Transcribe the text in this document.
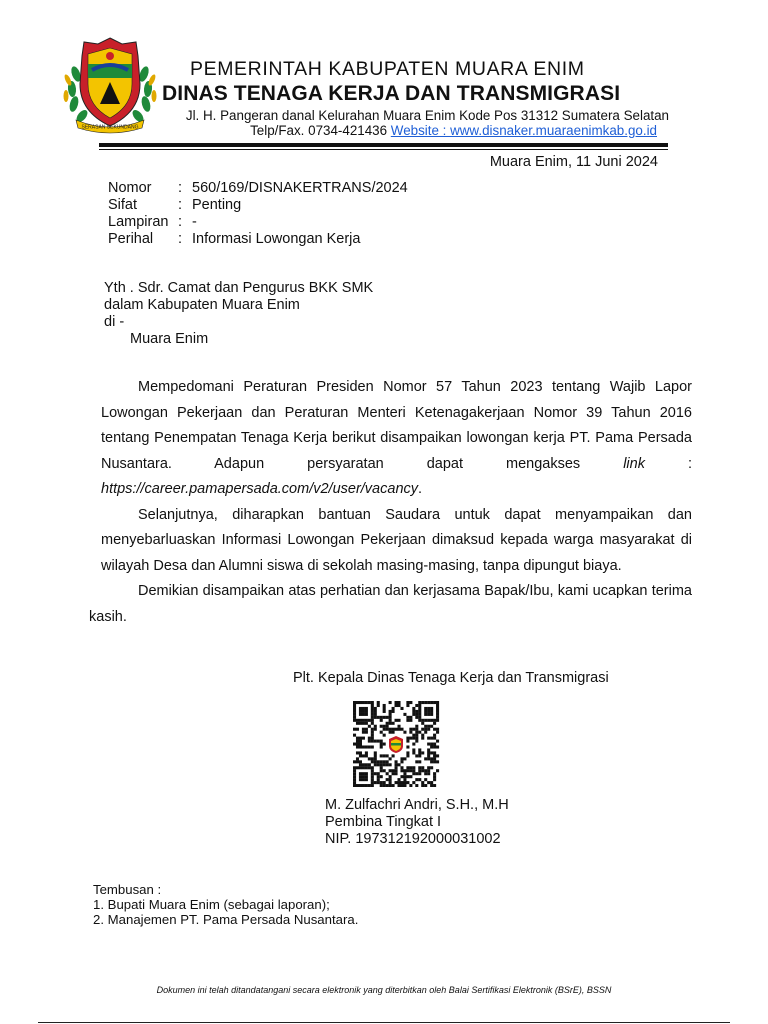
SERASAN SEKUNDANG
PEMERINTAH KABUPATEN MUARA ENIM
DINAS TENAGA KERJA DAN TRANSMIGRASI
Jl. H. Pangeran danal Kelurahan Muara Enim Kode Pos 31312 Sumatera Selatan
Telp/Fax. 0734-421436 Website : www.disnaker.muaraenimkab.go.id
Muara Enim, 11 Juni 2024
Nomor	:	560/169/DISNAKERTRANS/2024
Sifat	:	Penting
Lampiran	:	-
Perihal	:	Informasi Lowongan Kerja
Yth . Sdr. Camat dan Pengurus BKK SMK
dalam Kabupaten Muara Enim
di -
Muara Enim

Mempedomani Peraturan Presiden Nomor 57 Tahun 2023 tentang Wajib Lapor Lowongan Pekerjaan dan Peraturan Menteri Ketenagakerjaan Nomor 39 Tahun 2016 tentang Penempatan Tenaga Kerja berikut disampaikan lowongan kerja PT. Pama Persada Nusantara. Adapun persyaratan dapat mengakses	link	: https://career.pamapersada.com/v2/user/vacancy.

Selanjutnya, diharapkan bantuan Saudara untuk dapat menyampaikan dan menyebarluaskan Informasi Lowongan Pekerjaan dimaksud kepada warga masyarakat di wilayah Desa dan Alumni siswa di sekolah masing-masing, tanpa dipungut biaya.

Demikian disampaikan atas perhatian dan kerjasama Bapak/Ibu, kami ucapkan terima kasih.

Plt. Kepala Dinas Tenaga Kerja dan Transmigrasi
M. Zulfachri Andri, S.H., M.H
Pembina Tingkat I
NIP. 197312192000031002
Tembusan :
1. Bupati Muara Enim (sebagai laporan);
2. Manajemen PT. Pama Persada Nusantara.
Dokumen ini telah ditandatangani secara elektronik yang diterbitkan oleh Balai Sertifikasi Elektronik (BSrE), BSSN
